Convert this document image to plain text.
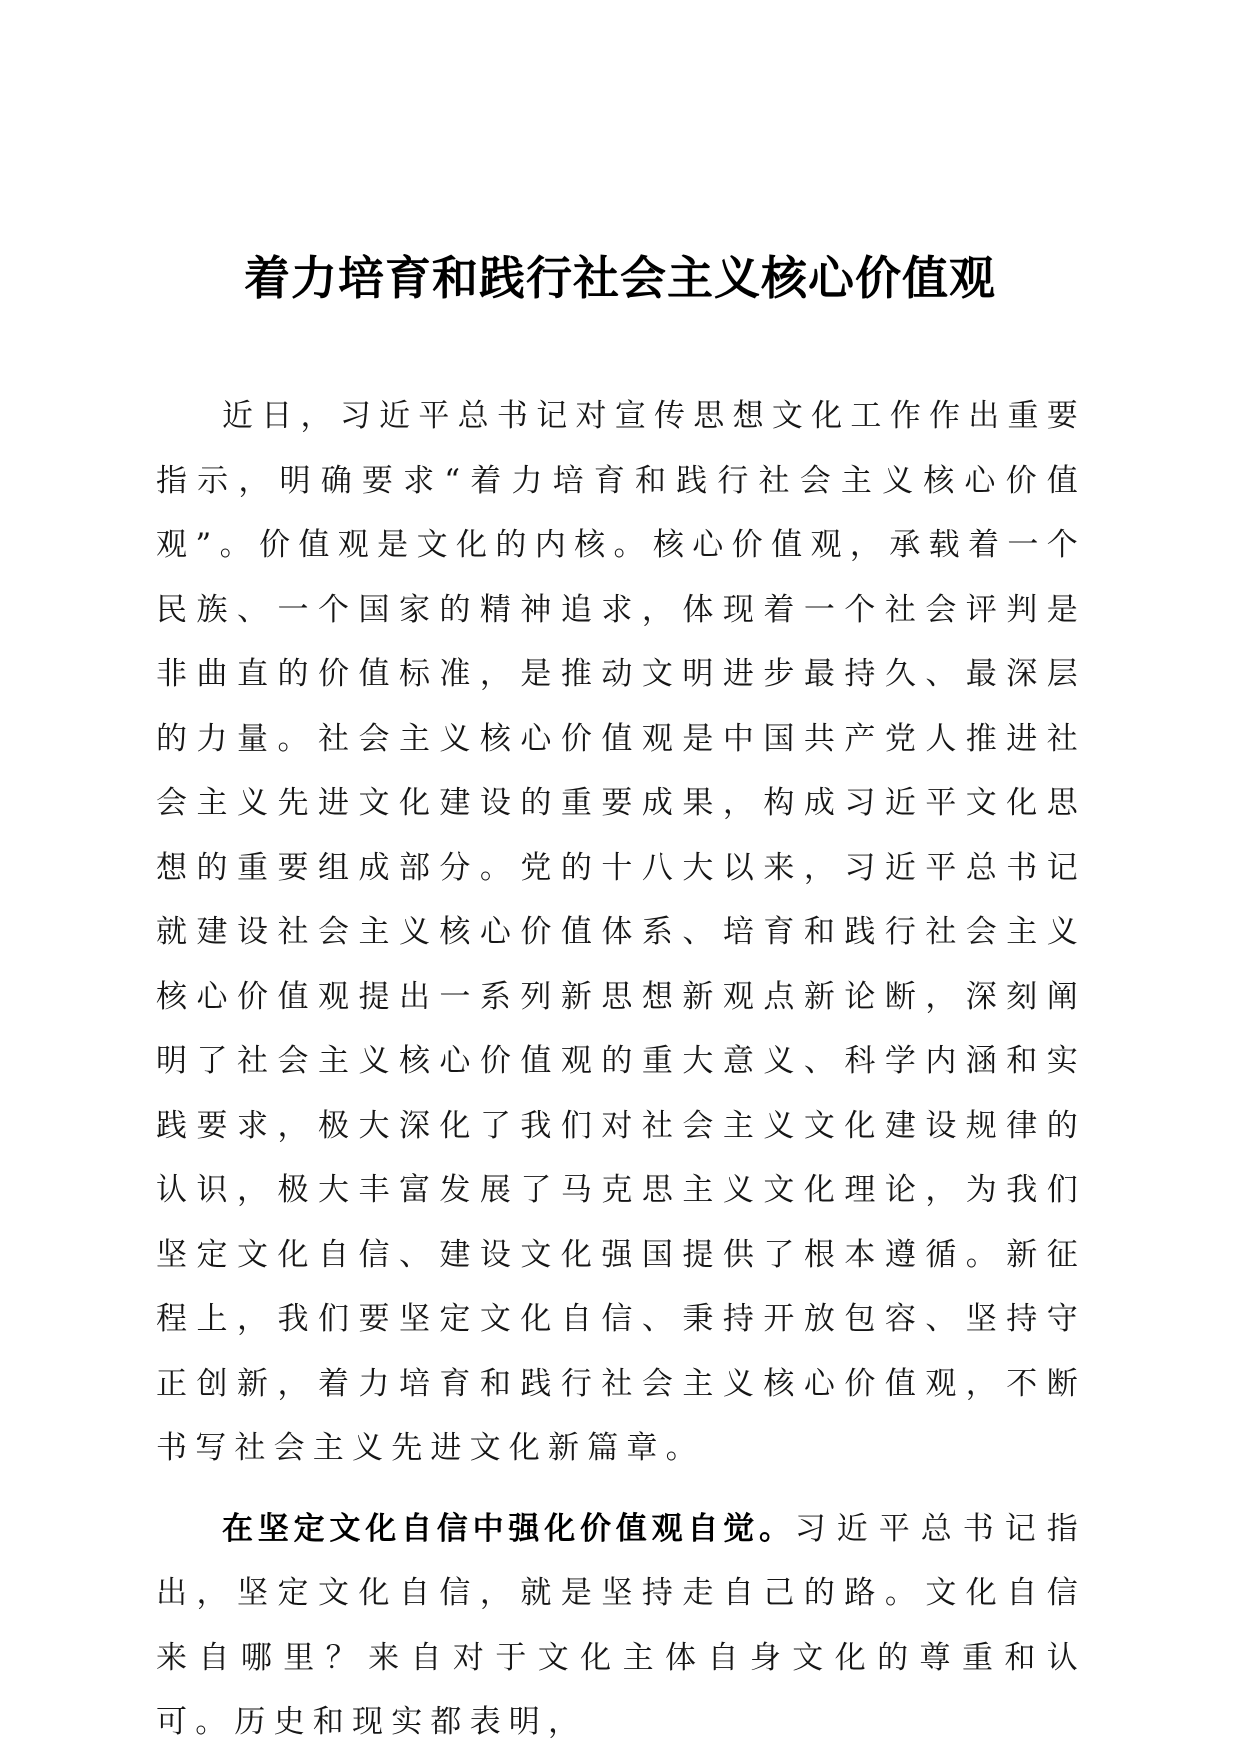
着力培育和践行社会主义核心价值观

近日，习近平总书记对宣传思想文化工作作出重要指示，明确要求“着力培育和践行社会主义核心价值观”。价值观是文化的内核。核心价值观，承载着一个民族、一个国家的精神追求，体现着一个社会评判是非曲直的价值标准，是推动文明进步最持久、最深层的力量。社会主义核心价值观是中国共产党人推进社会主义先进文化建设的重要成果，构成习近平文化思想的重要组成部分。党的十八大以来，习近平总书记就建设社会主义核心价值体系、培育和践行社会主义核心价值观提出一系列新思想新观点新论断，深刻阐明了社会主义核心价值观的重大意义、科学内涵和实践要求，极大深化了我们对社会主义文化建设规律的认识，极大丰富发展了马克思主义文化理论，为我们坚定文化自信、建设文化强国提供了根本遵循。新征程上，我们要坚定文化自信、秉持开放包容、坚持守正创新，着力培育和践行社会主义核心价值观，不断书写社会主义先进文化新篇章。

在坚定文化自信中强化价值观自觉。习近平总书记指出，坚定文化自信，就是坚持走自己的路。文化自信来自哪里？来自对于文化主体自身文化的尊重和认可。历史和现实都表明，
